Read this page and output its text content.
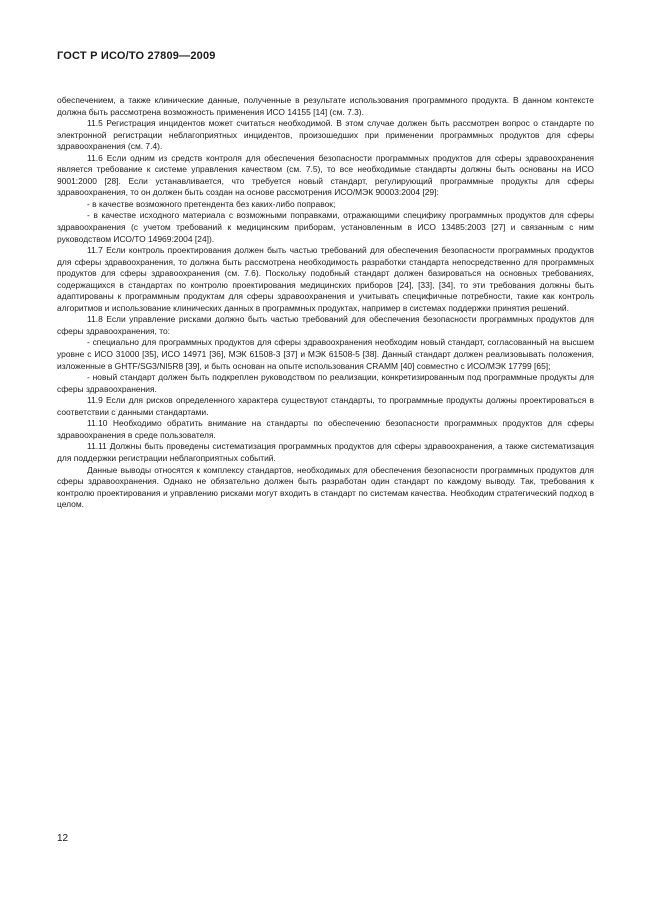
ГОСТ Р ИСО/ТО 27809—2009

обеспечением, а также клинические данные, полученные в результате использования программного продукта. В данном контексте должна быть рассмотрена возможность применения ИСО 14155 [14] (см. 7.3).

11.5 Регистрация инцидентов может считаться необходимой. В этом случае должен быть рассмотрен вопрос о стандарте по электронной регистрации неблагоприятных инцидентов, произошедших при применении программных продуктов для сферы здравоохранения (см. 7.4).

11.6 Если одним из средств контроля для обеспечения безопасности программных продуктов для сферы здравоохранения является требование к системе управления качеством (см. 7.5), то все необходимые стандарты должны быть основаны на ИСО 9001:2000 [28]. Если устанавливается, что требуется новый стандарт, регулирующий программные продукты для сферы здравоохранения, то он должен быть создан на основе рассмотрения ИСО/МЭК 90003:2004 [29]:

- в качестве возможного претендента без каких-либо поправок;

- в качестве исходного материала с возможными поправками, отражающими специфику программных продуктов для сферы здравоохранения (с учетом требований к медицинским приборам, установленным в ИСО 13485:2003 [27] и связанным с ним руководством ИСО/ТО 14969:2004 [24]).

11.7 Если контроль проектирования должен быть частью требований для обеспечения безопасности программных продуктов для сферы здравоохранения, то должна быть рассмотрена необходимость разработки стандарта непосредственно для программных продуктов для сферы здравоохранения (см. 7.6). Поскольку подобный стандарт должен базироваться на основных требованиях, содержащихся в стандартах по контролю проектирования медицинских приборов [24], [33], [34], то эти требования должны быть адаптированы к программным продуктам для сферы здравоохранения и учитывать специфичные потребности, такие как контроль алгоритмов и использование клинических данных в программных продуктах, например в системах поддержки принятия решений.

11.8 Если управление рисками должно быть частью требований для обеспечения безопасности программных продуктов для сферы здравоохранения, то:

- специально для программных продуктов для сферы здравоохранения необходим новый стандарт, согласованный на высшем уровне с ИСО 31000 [35], ИСО 14971 [36], МЭК 61508-3 [37] и МЭК 61508-5 [38]. Данный стандарт должен реализовывать положения, изложенные в GHTF/SG3/NI5R8 [39], и быть основан на опыте использования CRAMM [40] совместно с ИСО/МЭК 17799 [65];

- новый стандарт должен быть подкреплен руководством по реализации, конкретизированным под программные продукты для сферы здравоохранения.

11.9 Если для рисков определенного характера существуют стандарты, то программные продукты должны проектироваться в соответствии с данными стандартами.

11.10 Необходимо обратить внимание на стандарты по обеспечению безопасности программных продуктов для сферы здравоохранения в среде пользователя.

11.11 Должны быть проведены систематизация программных продуктов для сферы здравоохранения, а также систематизация для поддержки регистрации неблагоприятных событий.

Данные выводы относятся к комплексу стандартов, необходимых для обеспечения безопасности программных продуктов для сферы здравоохранения. Однако не обязательно должен быть разработан один стандарт по каждому выводу. Так, требования к контролю проектирования и управлению рисками могут входить в стандарт по системам качества. Необходим стратегический подход в целом.

12
